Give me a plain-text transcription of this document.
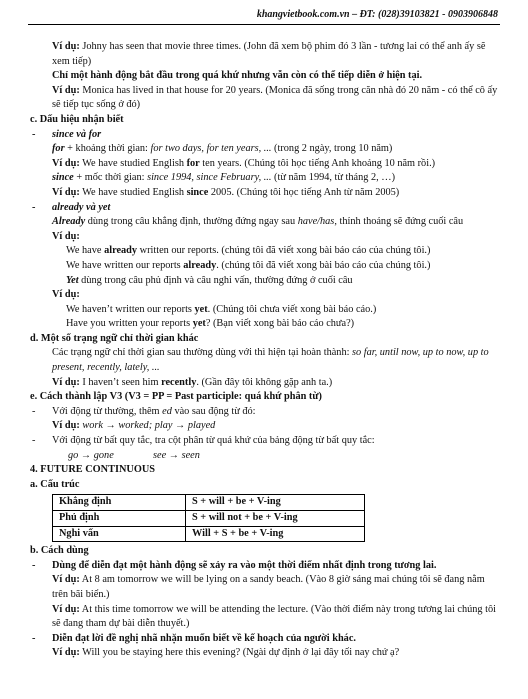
khangvietbook.com.vn – ĐT: (028)39103821 - 0903906848
Ví dụ: Johny has seen that movie three times. (John đã xem bộ phim đó 3 lần - tương lai có thể anh ấy sẽ xem tiếp)
Chỉ một hành động bắt đầu trong quá khứ nhưng vẫn còn có thể tiếp diễn ở hiện tại.
Ví dụ: Monica has lived in that house for 20 years. (Monica đã sống trong căn nhà đó 20 năm - có thể cô ấy sẽ tiếp tục sống ở đó)
c. Dấu hiệu nhận biết
- since và for
for + khoảng thời gian: for two days, for ten years, ... (trong 2 ngày, trong 10 năm)
Ví dụ: We have studied English for ten years. (Chúng tôi học tiếng Anh khoảng 10 năm rồi.)
since + mốc thời gian: since 1994, since February, ... (từ năm 1994, từ tháng 2, …)
Ví dụ: We have studied English since 2005. (Chúng tôi học tiếng Anh từ năm 2005)
- already và yet
Already dùng trong câu khẳng định, thường đứng ngay sau have/has, thỉnh thoảng sẽ đứng cuối câu
Ví dụ:
We have already written our reports. (chúng tôi đã viết xong bài báo cáo của chúng tôi.)
We have written our reports already. (chúng tôi đã viết xong bài báo cáo của chúng tôi.)
Yet dùng trong câu phủ định và câu nghi vấn, thường đứng ở cuối câu
Ví dụ:
We haven’t written our reports yet. (Chúng tôi chưa viết xong bài báo cáo.)
Have you written your reports yet? (Bạn viết xong bài báo cáo chưa?)
d. Một số trạng ngữ chỉ thời gian khác
Các trạng ngữ chỉ thời gian sau thường dùng với thì hiện tại hoàn thành: so far, until now, up to now, up to present, recently, lately, ...
Ví dụ: I haven’t seen him recently. (Gần đây tôi không gặp anh ta.)
e. Cách thành lập V3 (V3 = PP = Past participle: quá khứ phân từ)
- Với động từ thường, thêm ed vào sau động từ đó:
Ví dụ: work → worked; play → played
- Với động từ bất quy tắc, tra cột phân từ quá khứ của bảng động từ bất quy tắc:
go → gone	see → seen
4. FUTURE CONTINUOUS
a. Cấu trúc
Khẳng định	S + will + be + V-ing
Phủ định	S + will not + be + V-ing
Nghi vấn	Will + S + be + V-ing
b. Cách dùng
- Dùng để diễn đạt một hành động sẽ xảy ra vào một thời điểm nhất định trong tương lai.
Ví dụ: At 8 am tomorrow we will be lying on a sandy beach. (Vào 8 giờ sáng mai chúng tôi sẽ đang nằm trên bãi biển.)
Ví dụ: At this time tomorrow we will be attending the lecture. (Vào thời điểm này trong tương lai chúng tôi sẽ đang tham dự bài diễn thuyết.)
- Diễn đạt lời đề nghị nhã nhặn muốn biết về kế hoạch của người khác.
Ví dụ: Will you be staying here this evening? (Ngài dự định ở lại đây tối nay chứ ạ?
